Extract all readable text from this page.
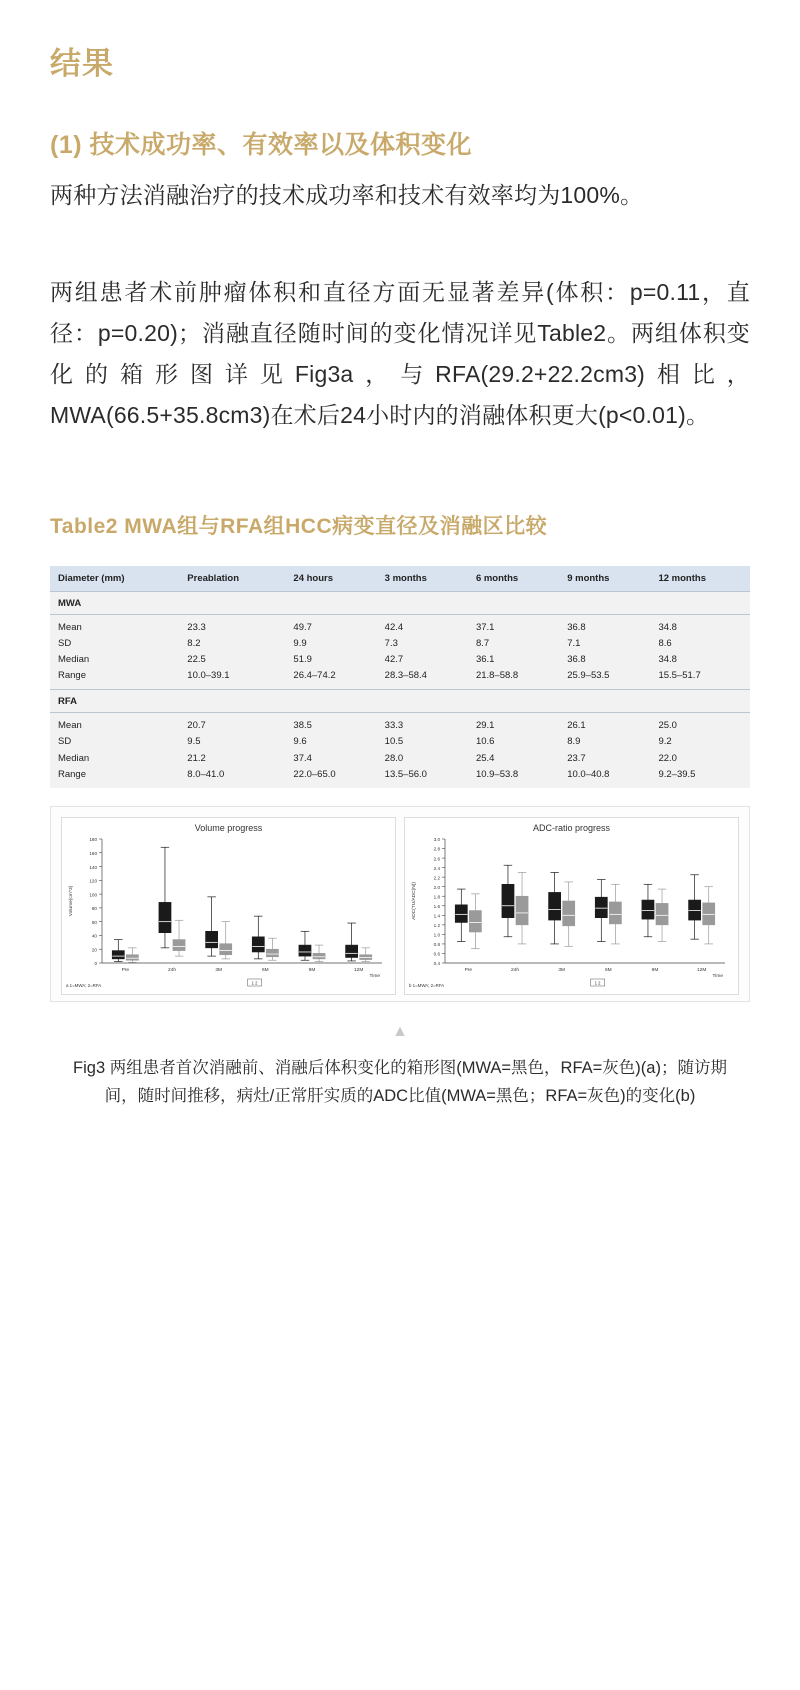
结果
(1) 技术成功率、有效率以及体积变化

两种方法消融治疗的技术成功率和技术有效率均为100%。

两组患者术前肿瘤体积和直径方面无显著差异(体积：p=0.11，直径：p=0.20)；消融直径随时间的变化情况详见Table2。两组体积变化的箱形图详见Fig3a，与RFA(29.2+22.2cm3)相比，MWA(66.5+35.8cm3)在术后24小时内的消融体积更大(p<0.01)。

Table2 MWA组与RFA组HCC病变直径及消融区比较
Diameter (mm)	Preablation	24 hours	3 months	6 months	9 months	12 months
MWA						
Mean	23.3	49.7	42.4	37.1	36.8	34.8
SD	8.2	9.9	7.3	8.7	7.1	8.6
Median	22.5	51.9	42.7	36.1	36.8	34.8
Range	10.0–39.1	26.4–74.2	28.3–58.4	21.8–58.8	25.9–53.5	15.5–51.7
RFA						
Mean	20.7	38.5	33.3	29.1	26.1	25.0
SD	9.5	9.6	10.5	10.6	8.9	9.2
Median	21.2	37.4	28.0	25.4	23.7	22.0
Range	8.0–41.0	22.0–65.0	13.5–56.0	10.9–53.8	10.0–40.8	9.2–39.5
Volume progress
0
20
40
60
80
100
120
140
160
180
Volume(cm^3)
Time
Pre	24h	3M	6M	9M	12M
a 1=MWA; 2=RFA
1 2
ADC-ratio progress
0.4
0.6
0.8
1.0
1.2
1.4
1.6
1.8
2.0
2.2
2.4
2.6
2.8
3.0
ADC(TU/ADC(N))
Time
Pre	24h	3M	6M	9M	12M
b 1=MWA; 2=RFA
1 2
▲
Fig3 两组患者首次消融前、消融后体积变化的箱形图(MWA=黑色，RFA=灰色)(a)；随访期间，随时间推移，病灶/正常肝实质的ADC比值(MWA=黑色；RFA=灰色)的变化(b)
